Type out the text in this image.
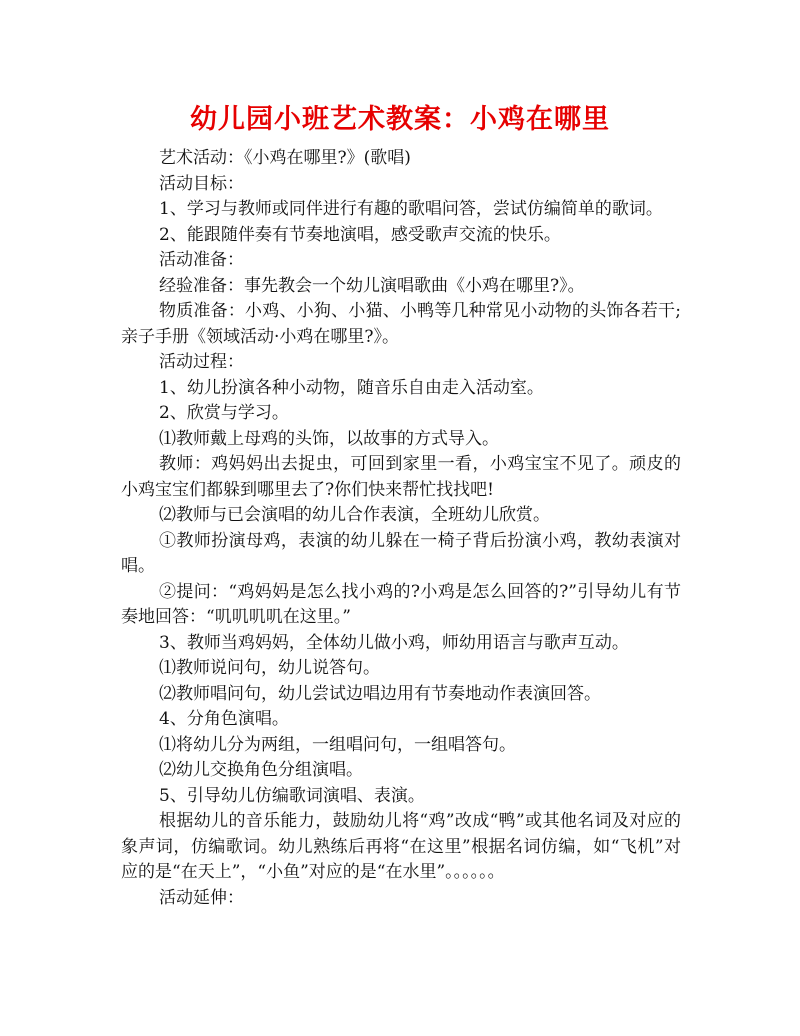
幼儿园小班艺术教案：小鸡在哪里

艺术活动：《小鸡在哪里?》(歌唱)

活动目标：

1、学习与教师或同伴进行有趣的歌唱问答，尝试仿编简单的歌词。

2、能跟随伴奏有节奏地演唱，感受歌声交流的快乐。

活动准备：

经验准备：事先教会一个幼儿演唱歌曲《小鸡在哪里?》。

物质准备：小鸡、小狗、小猫、小鸭等几种常见小动物的头饰各若干;亲子手册《领域活动·小鸡在哪里?》。

活动过程：

1、幼儿扮演各种小动物，随音乐自由走入活动室。

2、欣赏与学习。

⑴教师戴上母鸡的头饰，以故事的方式导入。

教师：鸡妈妈出去捉虫，可回到家里一看，小鸡宝宝不见了。顽皮的小鸡宝宝们都躲到哪里去了?你们快来帮忙找找吧!

⑵教师与已会演唱的幼儿合作表演，全班幼儿欣赏。

①教师扮演母鸡，表演的幼儿躲在一椅子背后扮演小鸡，教幼表演对唱。

②提问：“鸡妈妈是怎么找小鸡的?小鸡是怎么回答的?”引导幼儿有节奏地回答：“叽叽叽叽在这里。”

3、教师当鸡妈妈，全体幼儿做小鸡，师幼用语言与歌声互动。

⑴教师说问句，幼儿说答句。

⑵教师唱问句，幼儿尝试边唱边用有节奏地动作表演回答。

4、分角色演唱。

⑴将幼儿分为两组，一组唱问句，一组唱答句。

⑵幼儿交换角色分组演唱。

5、引导幼儿仿编歌词演唱、表演。

根据幼儿的音乐能力，鼓励幼儿将“鸡”改成“鸭”或其他名词及对应的象声词，仿编歌词。幼儿熟练后再将“在这里”根据名词仿编，如“飞机”对应的是“在天上”，“小鱼”对应的是“在水里”。。。。。。

活动延伸：
